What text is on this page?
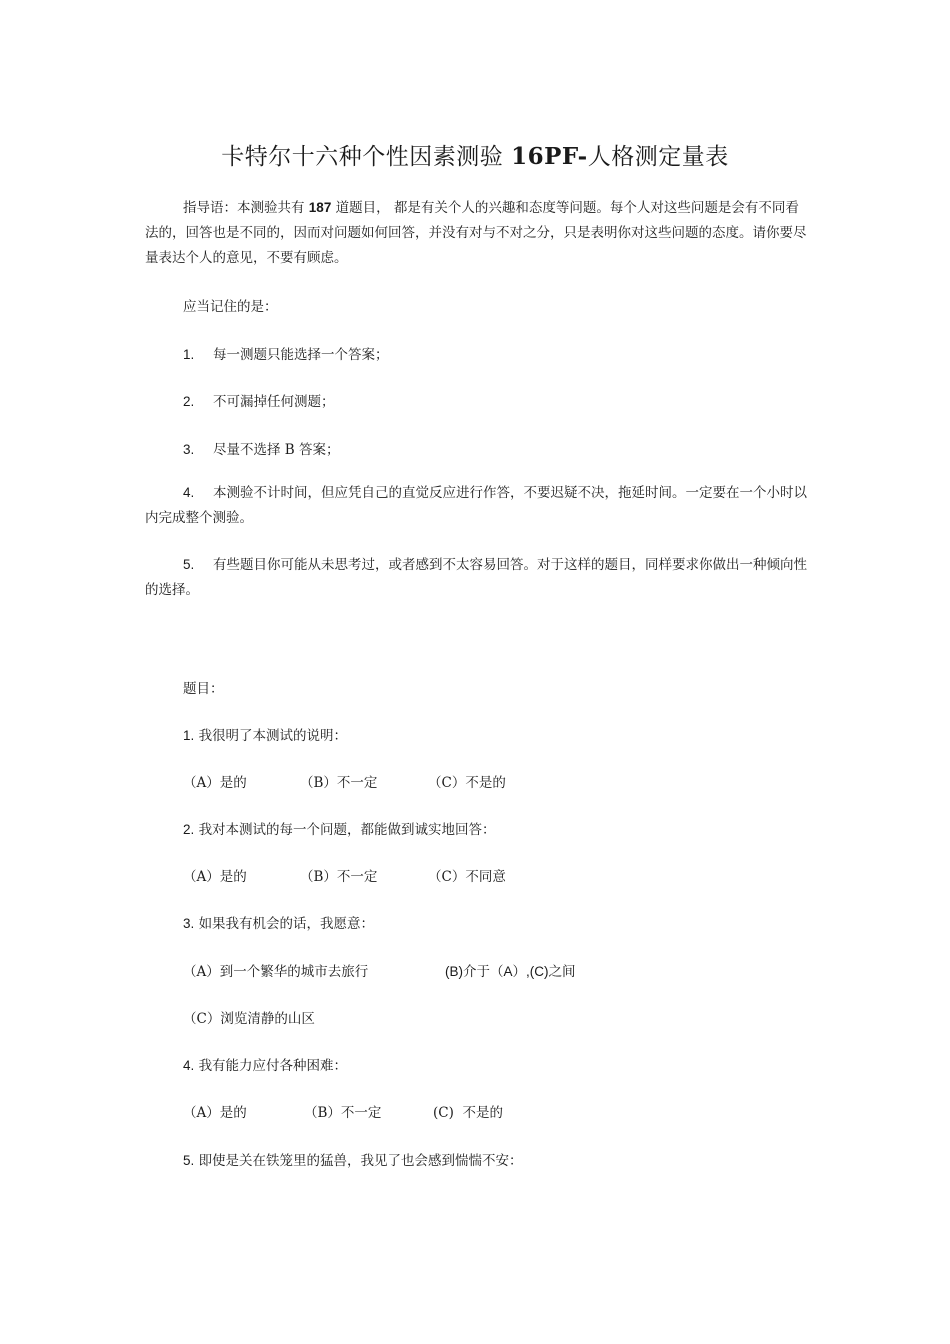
卡特尔十六种个性因素测验 16PF-人格测定量表
指导语：本测验共有 187 道题目， 都是有关个人的兴趣和态度等问题。每个人对这些问题是会有不同看法的，回答也是不同的，因而对问题如何回答，并没有对与不对之分，只是表明你对这些问题的态度。请你要尽量表达个人的意见，不要有顾虑。
应当记住的是：
1. 每一测题只能选择一个答案；
2. 不可漏掉任何测题；
3. 尽量不选择 B 答案；
4. 本测验不计时间，但应凭自己的直觉反应进行作答，不要迟疑不决，拖延时间。一定要在一个小时以内完成整个测验。
5. 有些题目你可能从未思考过，或者感到不太容易回答。对于这样的题目，同样要求你做出一种倾向性的选择。
题目：
1. 我很明了本测试的说明：
（A）是的	（B）不一定	（C）不是的
2. 我对本测试的每一个问题，都能做到诚实地回答：
（A）是的	（B）不一定	（C）不同意
3. 如果我有机会的话，我愿意：
（A）到一个繁华的城市去旅行	(B)介于（A）,(C)之间
（C）浏览清静的山区
4. 我有能力应付各种困难：
（A）是的	（B）不一定	(C)  不是的
5. 即使是关在铁笼里的猛兽，我见了也会感到惴惴不安：
